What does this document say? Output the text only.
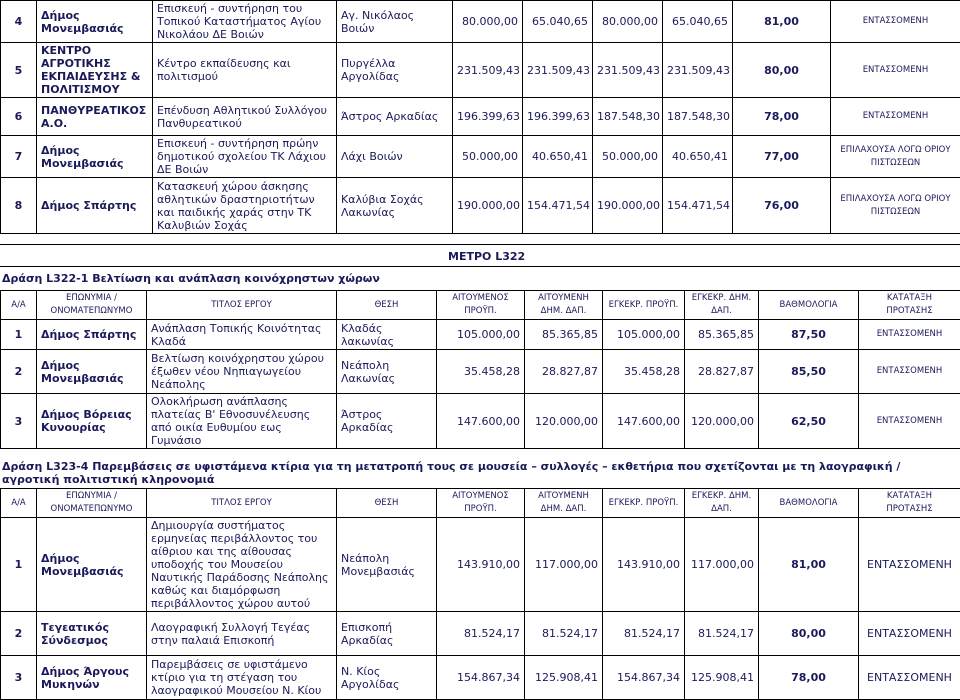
4	Δήμος Μονεμβασιάς	Επισκευή - συντήρηση του Τοπικού Καταστήματος Αγίου Νικολάου ΔΕ Βοιών	Αγ. Νικόλαος Βοιών	80.000,00	65.040,65	80.000,00	65.040,65	81,00	ΕΝΤΑΣΣΟΜΕΝΗ
5	ΚΕΝΤΡΟ ΑΓΡΟΤΙΚΗΣ ΕΚΠΑΙΔΕΥΣΗΣ & ΠΟΛΙΤΙΣΜΟΥ	Κέντρο εκπαίδευσης και πολιτισμού	Πυργέλλα Αργολίδας	231.509,43	231.509,43	231.509,43	231.509,43	80,00	ΕΝΤΑΣΣΟΜΕΝΗ
6	ΠΑΝΘΥΡΕΑΤΙΚΟΣ Α.Ο.	Επένδυση Αθλητικού Συλλόγου Πανθυρεατικού	Άστρος Αρκαδίας	196.399,63	196.399,63	187.548,30	187.548,30	78,00	ΕΝΤΑΣΣΟΜΕΝΗ
7	Δήμος Μονεμβασιάς	Επισκευή - συντήρηση πρώην δημοτικού σχολείου ΤΚ Λάχιου ΔΕ Βοιών	Λάχι Βοιών	50.000,00	40.650,41	50.000,00	40.650,41	77,00	ΕΠΙΛΑΧΟΥΣΑ ΛΟΓΩ ΟΡΙΟΥ ΠΙΣΤΩΣΕΩΝ
8	Δήμος Σπάρτης	Κατασκευή χώρου άσκησης αθλητικών δραστηριοτήτων και παιδικής χαράς στην ΤΚ Καλυβιών Σοχάς	Καλύβια Σοχάς Λακωνίας	190.000,00	154.471,54	190.000,00	154.471,54	76,00	ΕΠΙΛΑΧΟΥΣΑ ΛΟΓΩ ΟΡΙΟΥ ΠΙΣΤΩΣΕΩΝ
ΜΕΤΡΟ L322
Δράση L322-1 Βελτίωση και ανάπλαση κοινόχρηστων χώρων
Α/Α	ΕΠΩΝΥΜΙΑ / ΟΝΟΜΑΤΕΠΩΝΥΜΟ	ΤΙΤΛΟΣ ΕΡΓΟΥ	ΘΕΣΗ	ΑΙΤΟΥΜΕΝΟΣ ΠΡΟΫΠ.	ΑΙΤΟΥΜΕΝΗ ΔΗΜ. ΔΑΠ.	ΕΓΚΕΚΡ. ΠΡΟΫΠ.	ΕΓΚΕΚΡ. ΔΗΜ. ΔΑΠ.	ΒΑΘΜΟΛΟΓΙΑ	ΚΑΤΑΤΑΞΗ ΠΡΟΤΑΣΗΣ
1	Δήμος Σπάρτης	Ανάπλαση Τοπικής Κοινότητας Κλαδά	Κλαδάς λακωνίας	105.000,00	85.365,85	105.000,00	85.365,85	87,50	ΕΝΤΑΣΣΟΜΕΝΗ
2	Δήμος Μονεμβασιάς	Βελτίωση κοινόχρηστου χώρου έξωθεν νέου Νηπιαγωγείου Νεάπολης	Νεάπολη Λακωνίας	35.458,28	28.827,87	35.458,28	28.827,87	85,50	ΕΝΤΑΣΣΟΜΕΝΗ
3	Δήμος Βόρειας Κυνουρίας	Ολοκλήρωση ανάπλασης πλατείας Β' Εθνοσυνέλευσης από οικία Ευθυμίου εως Γυμνάσιο	Άστρος Αρκαδίας	147.600,00	120.000,00	147.600,00	120.000,00	62,50	ΕΝΤΑΣΣΟΜΕΝΗ
Δράση L323-4 Παρεμβάσεις σε υφιστάμενα κτίρια για τη μετατροπή τους σε μουσεία – συλλογές – εκθετήρια που σχετίζονται με τη λαογραφική / αγροτική πολιτιστική κληρονομιά
Α/Α	ΕΠΩΝΥΜΙΑ / ΟΝΟΜΑΤΕΠΩΝΥΜΟ	ΤΙΤΛΟΣ ΕΡΓΟΥ	ΘΕΣΗ	ΑΙΤΟΥΜΕΝΟΣ ΠΡΟΫΠ.	ΑΙΤΟΥΜΕΝΗ ΔΗΜ. ΔΑΠ.	ΕΓΚΕΚΡ. ΠΡΟΫΠ.	ΕΓΚΕΚΡ. ΔΗΜ. ΔΑΠ.	ΒΑΘΜΟΛΟΓΙΑ	ΚΑΤΑΤΑΞΗ ΠΡΟΤΑΣΗΣ
1	Δήμος Μονεμβασιάς	Δημιουργία συστήματος ερμηνείας περιβάλλοντος του αίθριου και της αίθουσας υποδοχής του Μουσείου Ναυτικής Παράδοσης Νεάπολης καθώς και διαμόρφωση περιβάλλοντος χώρου αυτού	Νεάπολη Μονεμβασιάς	143.910,00	117.000,00	143.910,00	117.000,00	81,00	ΕΝΤΑΣΣΟΜΕΝΗ
2	Τεγεατικός Σύνδεσμος	Λαογραφική Συλλογή Τεγέας στην παλαιά Επισκοπή	Επισκοπή Αρκαδίας	81.524,17	81.524,17	81.524,17	81.524,17	80,00	ΕΝΤΑΣΣΟΜΕΝΗ
3	Δήμος Άργους Μυκηνών	Παρεμβάσεις σε υφιστάμενο κτίριο για τη στέγαση του λαογραφικού Μουσείου Ν. Κίου	Ν. Κίος Αργολίδας	154.867,34	125.908,41	154.867,34	125.908,41	78,00	ΕΝΤΑΣΣΟΜΕΝΗ
